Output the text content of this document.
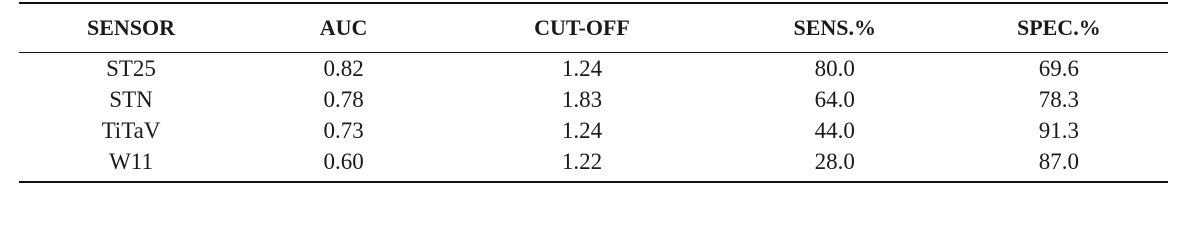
SENSOR	AUC	CUT-OFF	SENS.%	SPEC.%

ST25	0.82	1.24	80.0	69.6
STN	0.78	1.83	64.0	78.3
TiTaV	0.73	1.24	44.0	91.3
W11	0.60	1.22	28.0	87.0
